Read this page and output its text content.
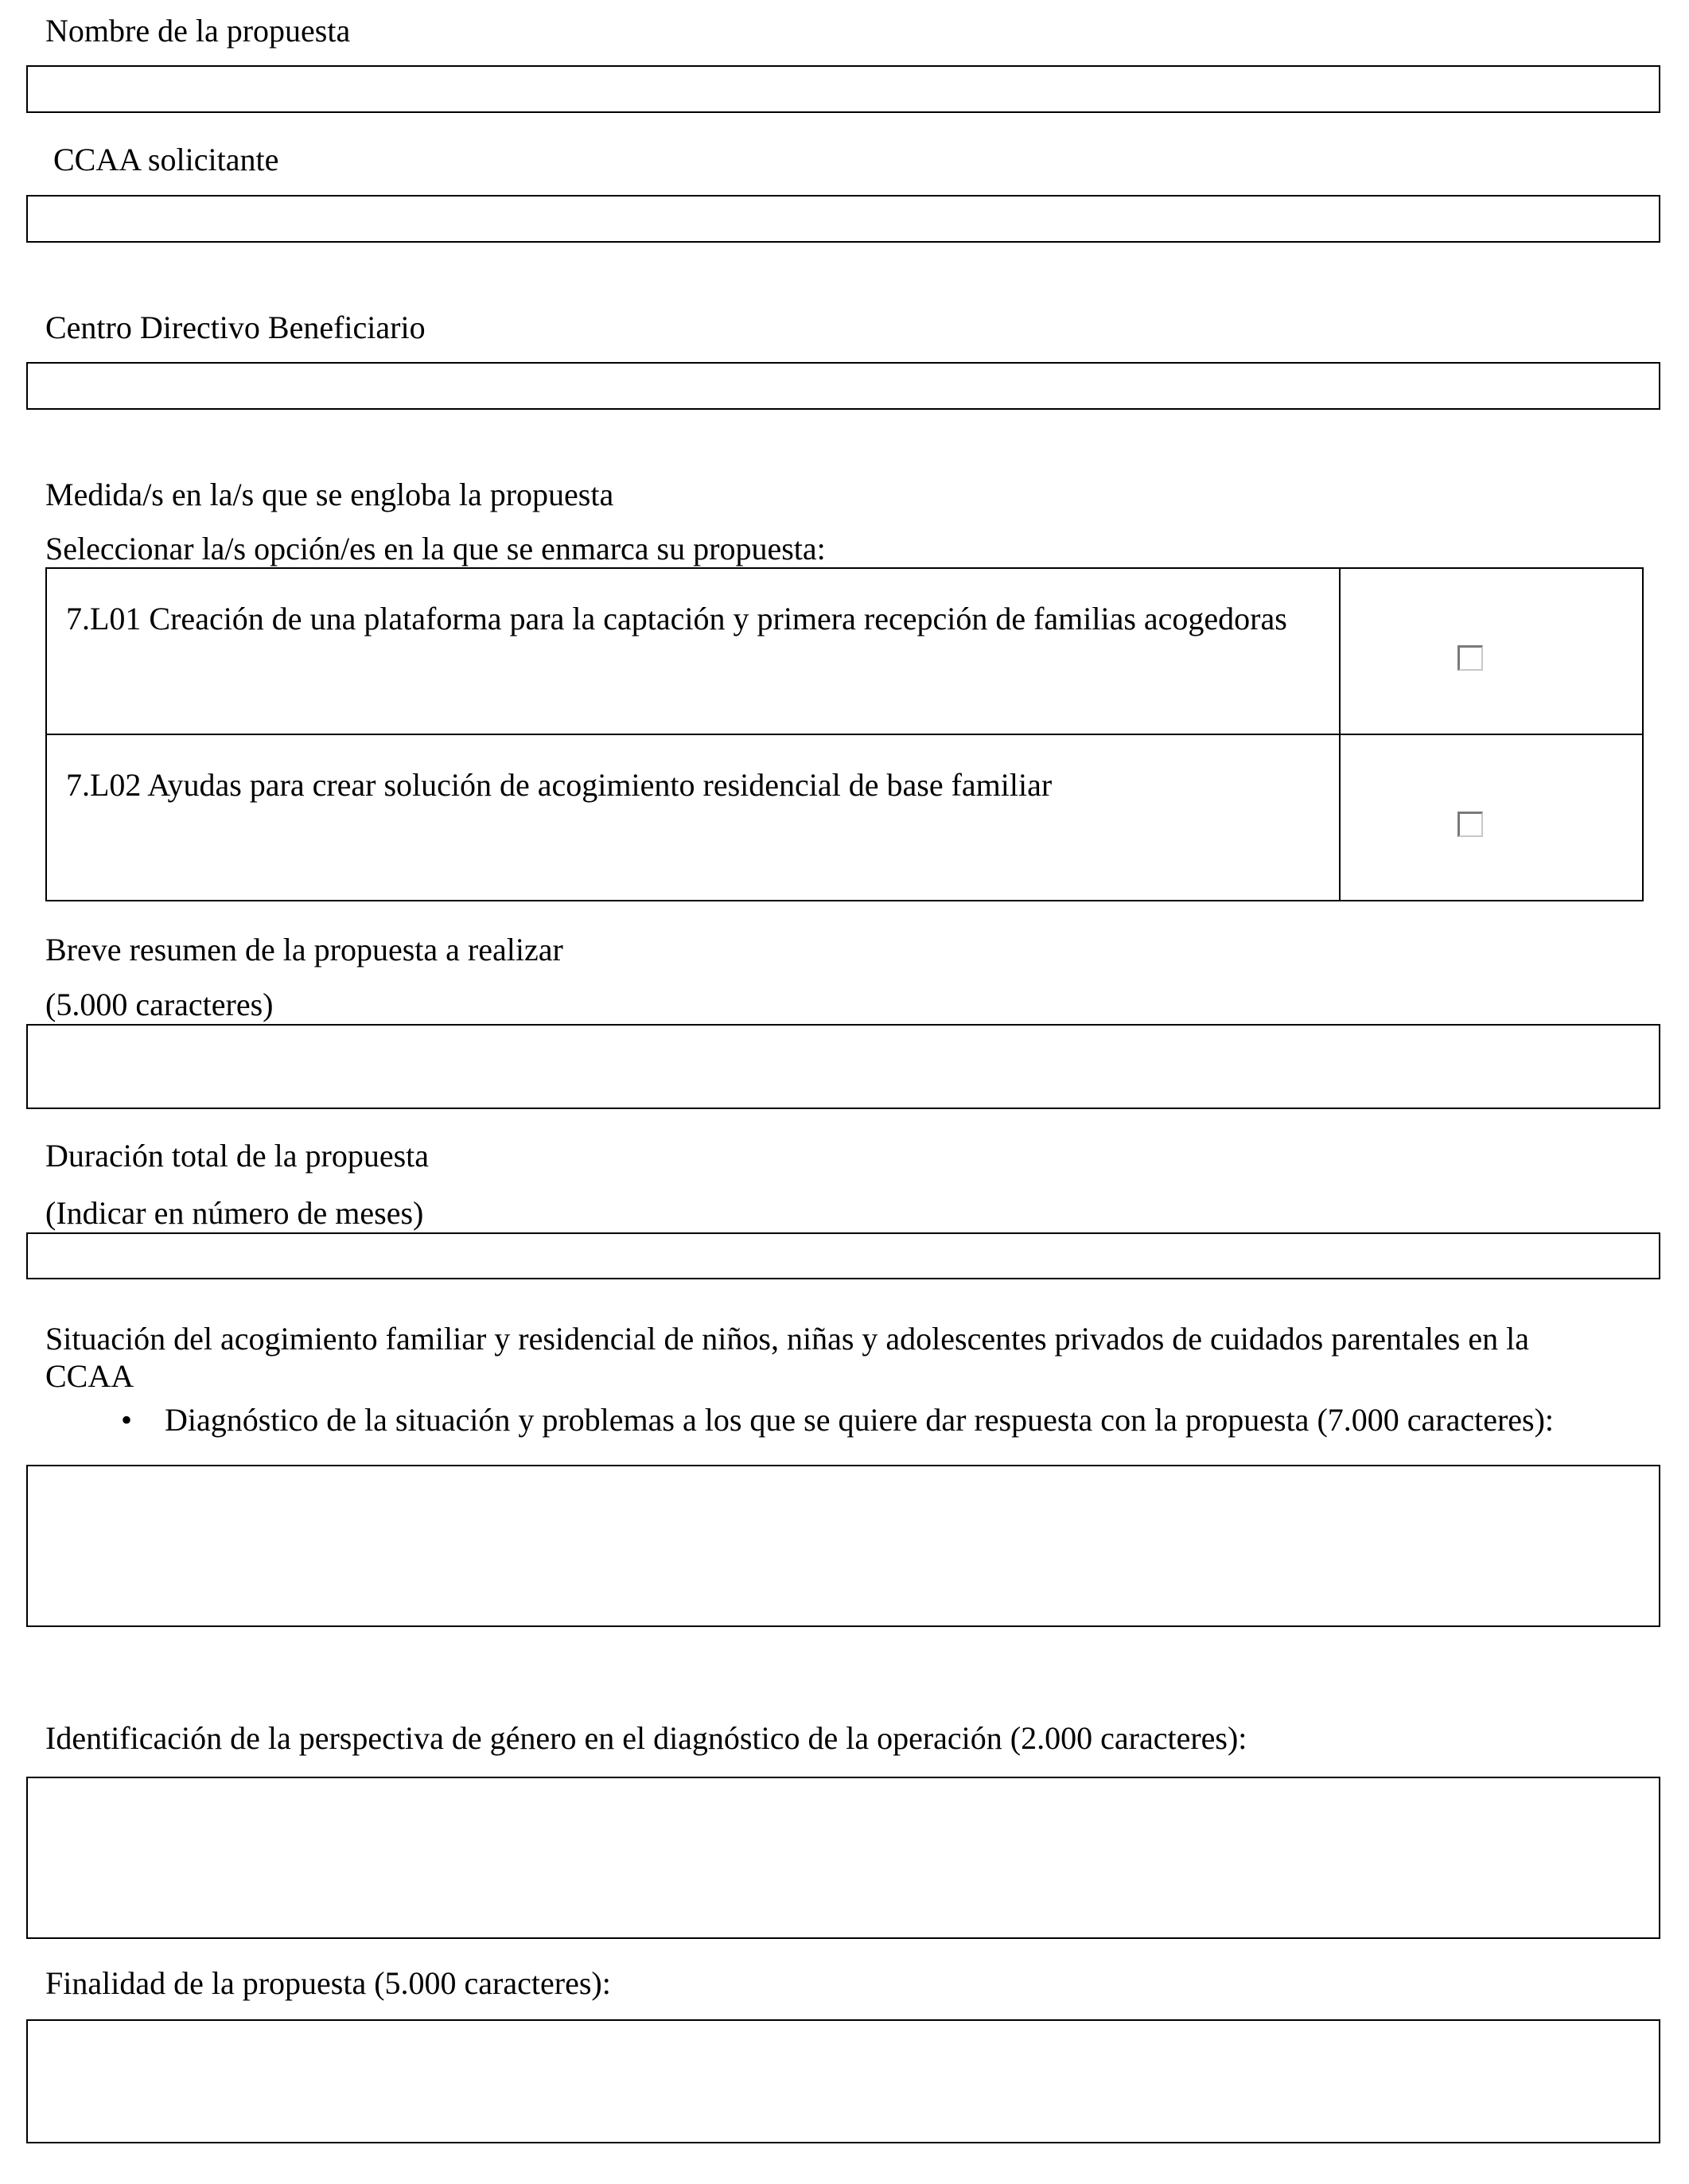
Nombre de la propuesta

CCAA solicitante

Centro Directivo Beneficiario

Medida/s en la/s que se engloba la propuesta

Seleccionar la/s opción/es en la que se enmarca su propuesta:

7.L01 Creación de una plataforma para la captación y primera recepción de familias acogedoras	

7.L02 Ayudas para crear solución de acogimiento residencial de base familiar	

Breve resumen de la propuesta a realizar

(5.000 caracteres)

Duración total de la propuesta

(Indicar en número de meses)

Situación del acogimiento familiar y residencial de niños, niñas y adolescentes privados de cuidados parentales en la

CCAA

• Diagnóstico de la situación y problemas a los que se quiere dar respuesta con la propuesta (7.000 caracteres):

Identificación de la perspectiva de género en el diagnóstico de la operación (2.000 caracteres):

Finalidad de la propuesta (5.000 caracteres):
